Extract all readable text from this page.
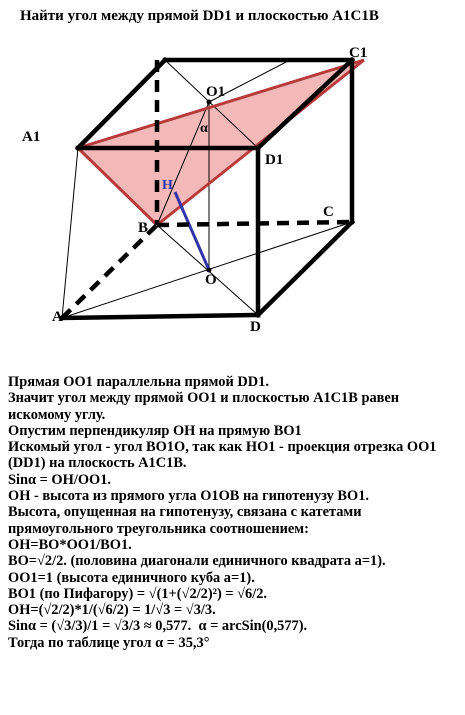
Найти угол между прямой DD1 и плоскостью A1C1B
A
B
C
D
A1
C1
D1
O
O1
H
α
Прямая OO1 параллельна прямой DD1.
Значит угол между прямой OO1 и плоскостью A1C1B равен искомому углу.
Опустим перпендикуляр OH на прямую BO1
Искомый угол - угол BO1O, так как HO1 - проекция отрезка OO1 (DD1) на плоскость A1C1B.
Sinα = OH/OO1.
OH - высота из прямого угла O1OB на гипотенузу BO1.
Высота, опущенная на гипотенузу, связана с катетами прямоугольного треугольника соотношением:
OH=BO*OO1/BO1.
BO=√2/2. (половина диагонали единичного квадрата a=1).
OO1=1 (высота единичного куба a=1).
BO1 (по Пифагору) = √(1+(√2/2)²) = √6/2.
OH=(√2/2)*1/(√6/2) = 1/√3 = √3/3.
Sinα = (√3/3)/1 = √3/3 ≈ 0,577.  α = arcSin(0,577).
Тогда по таблице угол α = 35,3°
